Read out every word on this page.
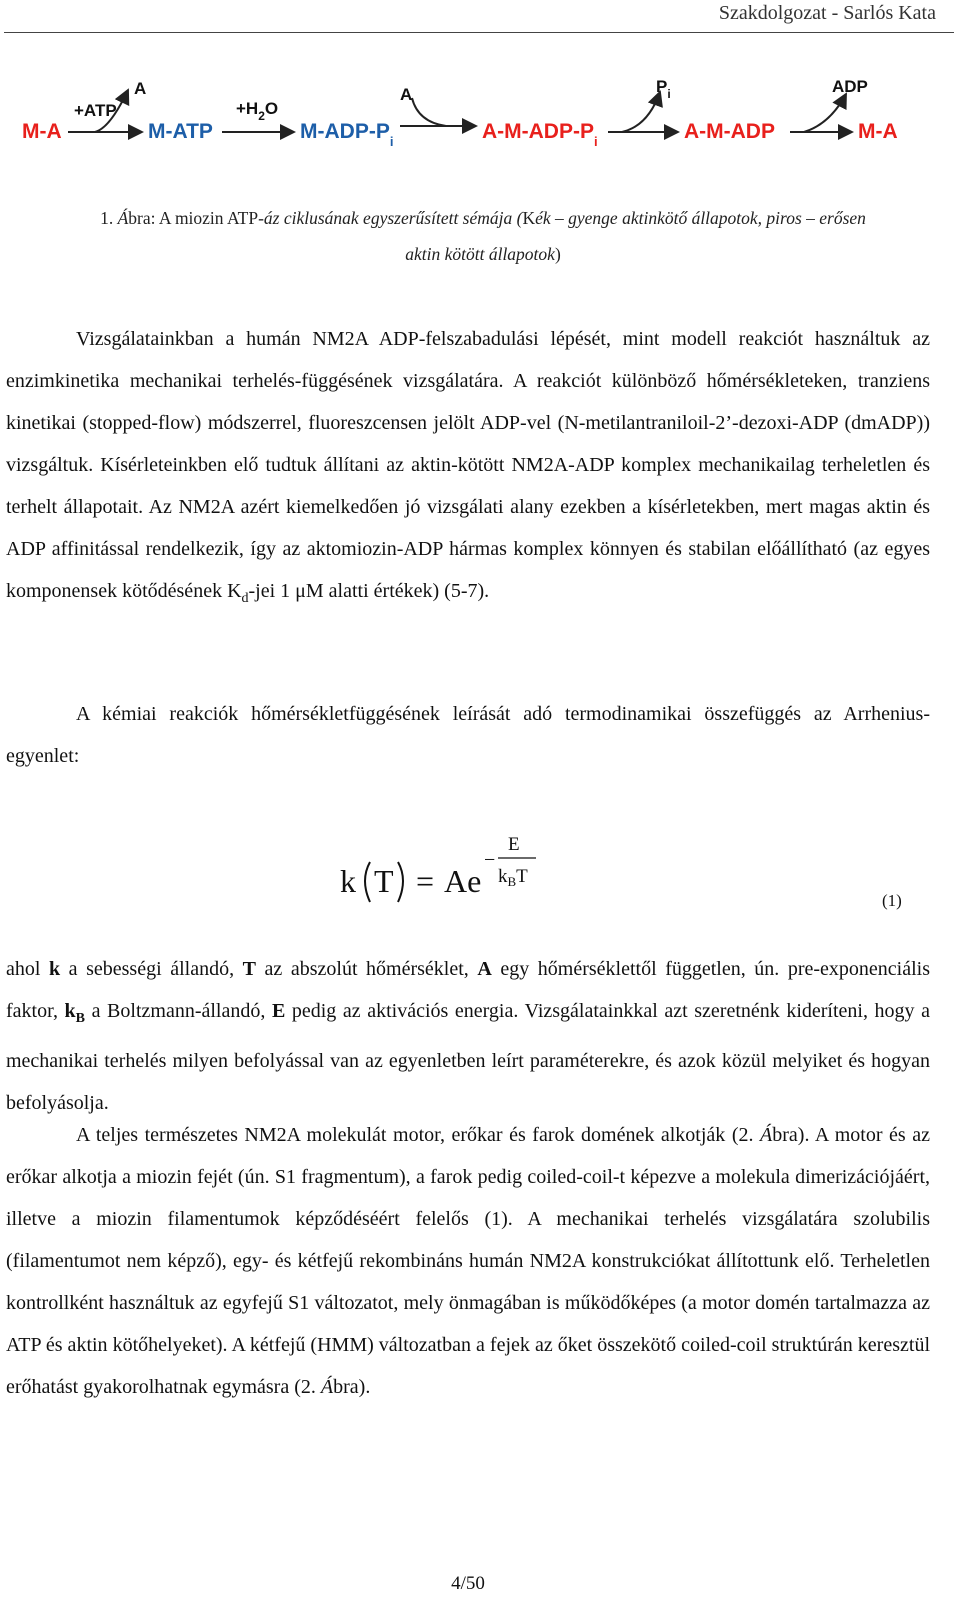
Szakdolgozat - Sarlós Kata
M-A	M-ATP	$M-ADP-P_i$	$A-M-ADP-P_i$	A-M-ADP	M-A
+ATP
A
$+H_2O$
A	$P_i$	ADP
1. Ábra: A miozin ATP-áz ciklusának egyszerűsített sémája (Kék – gyenge aktinkötő állapotok, piros – erősen
aktin kötött állapotok)

Vizsgálatainkban a humán NM2A ADP-felszabadulási lépését, mint modell reakciót használtuk az enzimkinetika mechanikai terhelés-függésének vizsgálatára. A reakciót különböző hőmérsékleteken, tranziens kinetikai (stopped-flow) módszerrel, fluoreszcensen jelölt ADP-vel (N-metilantraniloil-2’-dezoxi-ADP (dmADP)) vizsgáltuk. Kísérleteinkben elő tudtuk állítani az aktin-kötött NM2A-ADP komplex mechanikailag terheletlen és terhelt állapotait. Az NM2A azért kiemelkedően jó vizsgálati alany ezekben a kísérletekben, mert magas aktin és ADP affinitással rendelkezik, így az aktomiozin-ADP hármas komplex könnyen és stabilan előállítható (az egyes komponensek kötődésének $K_d$-jei 1 μM alatti értékek) (5-7).

A kémiai reakciók hőmérsékletfüggésének leírását adó termodinamikai összefüggés az Arrhenius-egyenlet:

k T = Ae
−
E
$k_BT$
(1)

ahol k a sebességi állandó, T az abszolút hőmérséklet, A egy hőmérséklettől független, ún. pre-exponenciális faktor, $k_B$ a Boltzmann-állandó, E pedig az aktivációs energia. Vizsgálatainkkal azt szeretnénk kideríteni, hogy a mechanikai terhelés milyen befolyással van az egyenletben leírt paraméterekre, és azok közül melyiket és hogyan befolyásolja.

A teljes természetes NM2A molekulát motor, erőkar és farok domének alkotják (2. Ábra). A motor és az erőkar alkotja a miozin fejét (ún. S1 fragmentum), a farok pedig coiled-coil-t képezve a molekula dimerizációjáért, illetve a miozin filamentumok képződéséért felelős (1). A mechanikai terhelés vizsgálatára szolubilis (filamentumot nem képző), egy- és kétfejű rekombináns humán NM2A konstrukciókat állítottunk elő. Terheletlen kontrollként használtuk az egyfejű S1 változatot, mely önmagában is működőképes (a motor domén tartalmazza az ATP és aktin kötőhelyeket). A kétfejű (HMM) változatban a fejek az őket összekötő coiled-coil struktúrán keresztül erőhatást gyakorolhatnak egymásra (2. Ábra).

4/50
